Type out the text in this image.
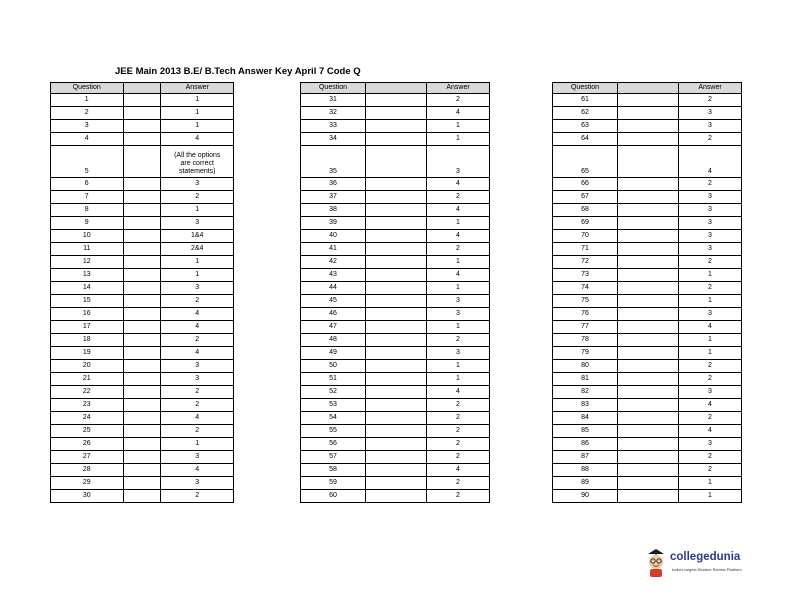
JEE Main 2013 B.E/ B.Tech Answer Key April 7 Code Q
Question		Answer
1		1
2		1
3		1
4		4
5		(All the options
are correct
statements)
6		3
7		2
8		1
9		3
10		1&4
11		2&4
12		1
13		1
14		3
15		2
16		4
17		4
18		2
19		4
20		3
21		3
22		2
23		2
24		4
25		2
26		1
27		3
28		4
29		3
30		2
Question		Answer
31		2
32		4
33		1
34		1
35		3
36		4
37		2
38		4
39		1
40		4
41		2
42		1
43		4
44		1
45		3
46		3
47		1
48		2
49		3
50		1
51		1
52		4
53		2
54		2
55		2
56		2
57		2
58		4
59		2
60		2
Question		Answer
61		2
62		3
63		3
64		2
65		4
66		2
67		3
68		3
69		3
70		3
71		3
72		2
73		1
74		2
75		1
76		3
77		4
78		1
79		1
80		2
81		2
82		3
83		4
84		2
85		4
86		3
87		2
88		2
89		1
90		1
collegedunia
India's largest Student Review Platform
